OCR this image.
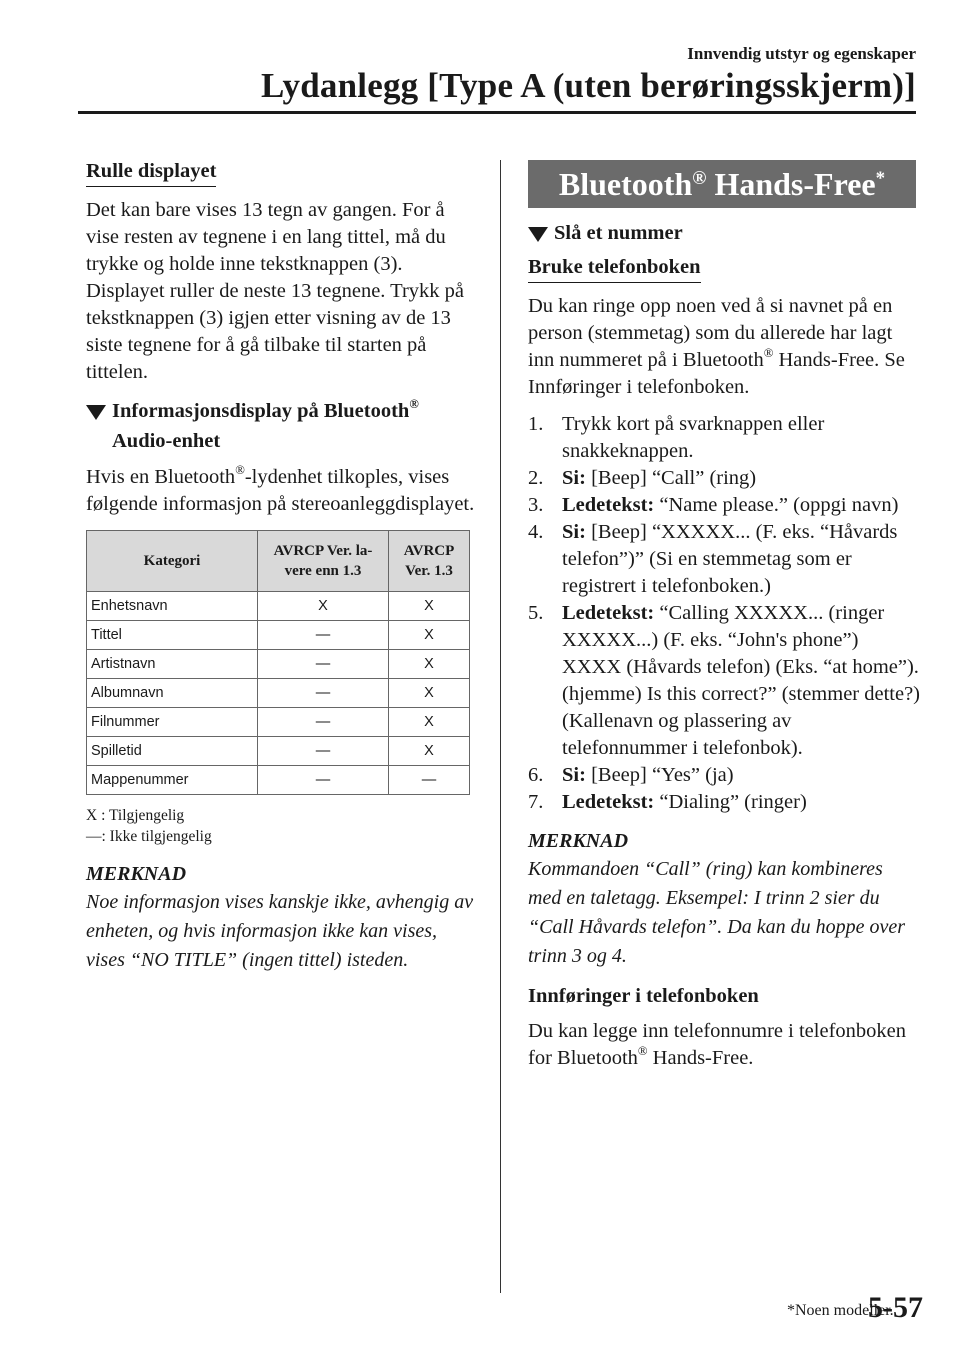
Innvendig utstyr og egenskaper
Lydanlegg [Type A (uten berøringsskjerm)]
Rulle displayet

Det kan bare vises 13 tegn av gangen. For å vise resten av tegnene i en lang tittel, må du trykke og holde inne tekstknappen (3). Displayet ruller de neste 13 tegnene. Trykk på tekstknappen (3) igjen etter visning av de 13 siste tegnene for å gå tilbake til starten på tittelen.

Informasjonsdisplay på Bluetooth®
Audio-enhet

Hvis en Bluetooth®-lydenhet tilkoples, vises følgende informasjon på stereoanleggdisplayet.

Kategori	AVRCP Ver. la-vere enn 1.3	AVRCP Ver. 1.3
Enhetsnavn	X	X
Tittel	—	X
Artistnavn	—	X
Albumnavn	—	X
Filnummer	—	X
Spilletid	—	X
Mappenummer	—	—
X : Tilgjengelig
—: Ikke tilgjengelig
MERKNAD

Noe informasjon vises kanskje ikke, avhengig av enheten, og hvis informasjon ikke kan vises, vises “NO TITLE” (ingen tittel) isteden.

Bluetooth® Hands-Free*
Slå et nummer
Bruke telefonboken

Du kan ringe opp noen ved å si navnet på en person (stemmetag) som du allerede har lagt inn nummeret på i Bluetooth® Hands-Free. Se Innføringer i telefonboken.

1. Trykk kort på svarknappen eller snakkeknappen.
2. Si: [Beep] “Call” (ring)
3. Ledetekst: “Name please.” (oppgi navn)
4. Si: [Beep] “XXXXX... (F. eks. “Håvards telefon”)” (Si en stemmetag som er registrert i telefonboken.)
5. Ledetekst: “Calling XXXXX... (ringer XXXXX...) (F. eks. “John's phone”) XXXX (Håvards telefon) (Eks. “at home”). (hjemme) Is this correct?” (stemmer dette?) (Kallenavn og plassering av telefonnummer i telefonbok).
6. Si: [Beep] “Yes” (ja)
7. Ledetekst: “Dialing” (ringer)
MERKNAD

Kommandoen “Call” (ring) kan kombineres med en taletagg. Eksempel: I trinn 2 sier du “Call Håvards telefon”. Da kan du hoppe over trinn 3 og 4.

Innføringer i telefonboken

Du kan legge inn telefonnumre i telefonboken for Bluetooth® Hands-Free.

*Noen modeller.
5-57
